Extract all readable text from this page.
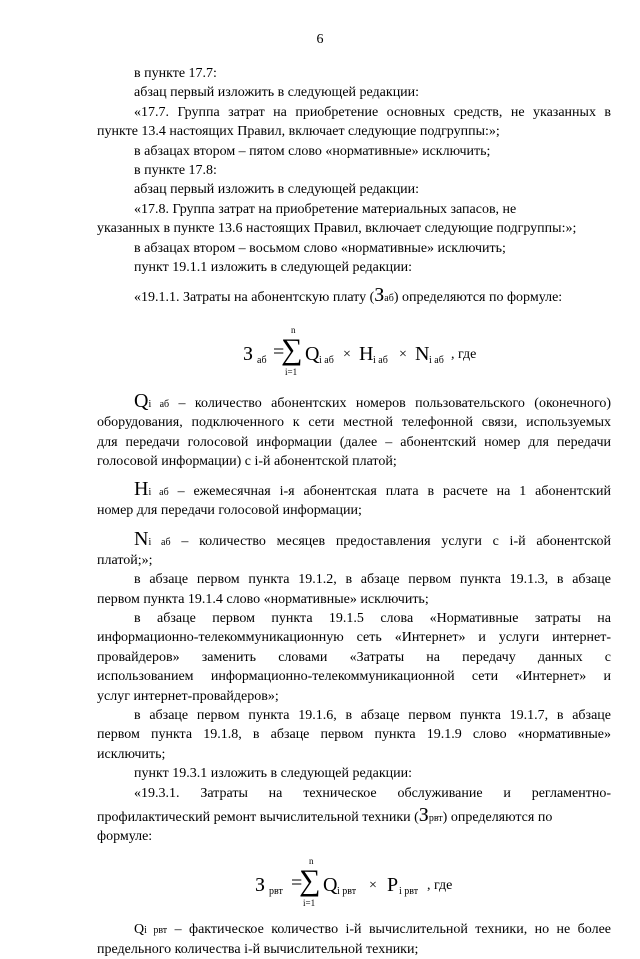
6
в пункте 17.7:
абзац первый изложить в следующей редакции:
«17.7. Группа затрат на приобретение основных средств, не указанных в
пункте 13.4 настоящих Правил, включает следующие подгруппы:»;
в абзацах втором – пятом слово «нормативные» исключить;
в пункте 17.8:
абзац первый изложить в следующей редакции:
«17.8. Группа затрат на приобретение материальных запасов, не
указанных в пункте 13.6 настоящих Правил, включает следующие подгруппы:»;
в абзацах втором – восьмом слово «нормативные» исключить;
пункт 19.1.1 изложить в следующей редакции:
«19.1.1. Затраты на абонентскую плату (Заб) определяются по формуле:
З аб =
n
∑
i=1
Q i аб × H i аб × N i аб , где
Qi аб – количество абонентских номеров пользовательского (оконечного)
оборудования, подключенного к сети местной телефонной связи, используемых
для передачи голосовой информации (далее – абонентский номер для передачи
голосовой информации) с i-й абонентской платой;
Hi аб – ежемесячная i-я абонентская плата в расчете на 1 абонентский
номер для передачи голосовой информации;
Ni аб – количество месяцев предоставления услуги с i-й абонентской
платой;»;
в абзаце первом пункта 19.1.2, в абзаце первом пункта 19.1.3, в абзаце
первом пункта 19.1.4 слово «нормативные» исключить;
в абзаце первом пункта 19.1.5 слова «Нормативные затраты на
информационно-телекоммуникационную сеть «Интернет» и услуги интернет-
провайдеров» заменить словами «Затраты на передачу данных с
использованием информационно-телекоммуникационной сети «Интернет» и
услуг интернет-провайдеров»;
в абзаце первом пункта 19.1.6, в абзаце первом пункта 19.1.7, в абзаце
первом пункта 19.1.8, в абзаце первом пункта 19.1.9 слово «нормативные»
исключить;
пункт 19.3.1 изложить в следующей редакции:
«19.3.1. Затраты на техническое обслуживание и регламентно-
профилактический ремонт вычислительной техники (Зрвт) определяются по
формуле:
З рвт =
n
∑
i=1
Q i рвт × P i рвт , где
Qi рвт – фактическое количество i-й вычислительной техники, но не более
предельного количества i-й вычислительной техники;
